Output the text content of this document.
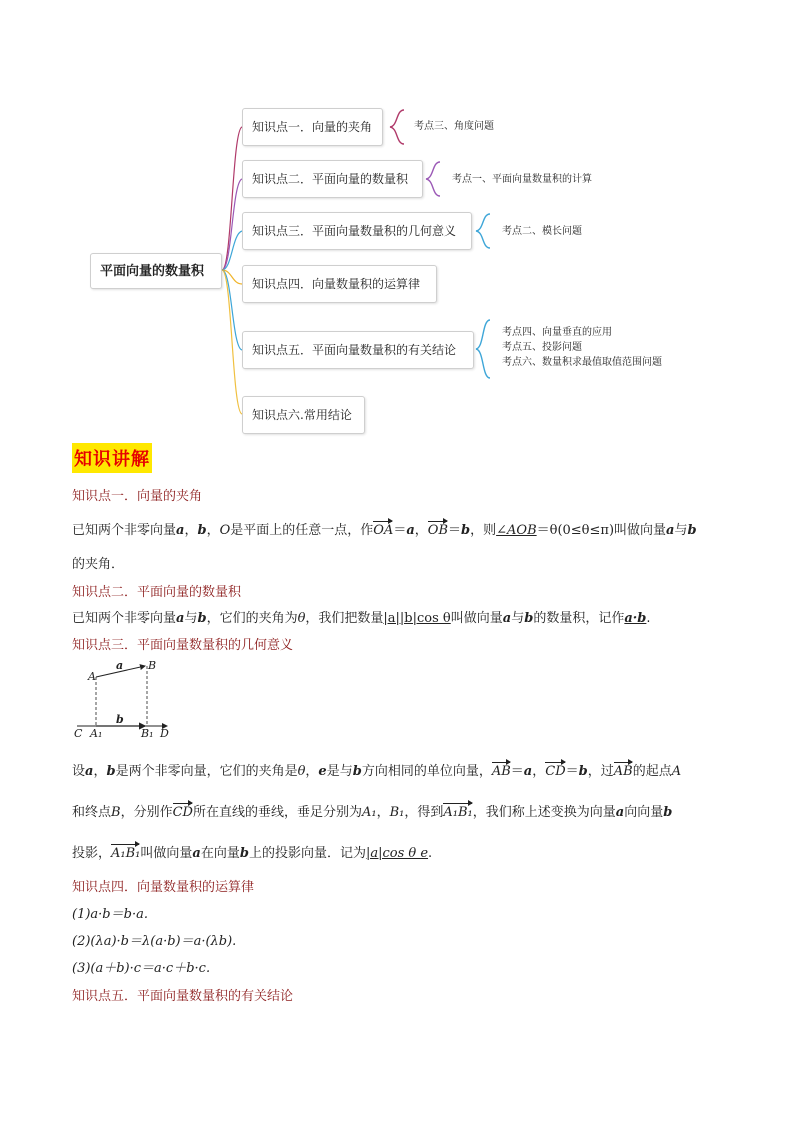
平面向量的数量积
知识点一．向量的夹角
知识点二．平面向量的数量积
知识点三．平面向量数量积的几何意义
知识点四．向量数量积的运算律
知识点五．平面向量数量积的有关结论
知识点六.常用结论
考点三、角度问题
考点一、平面向量数量积的计算
考点二、模长问题
考点四、向量垂直的应用
考点五、投影问题
考点六、数量积求最值取值范围问题
知识讲解
知识点一．向量的夹角
已知两个非零向量a，b，O是平面上的任意一点，作OA＝a，OB＝b，则∠AOB＝θ(0≤θ≤π)叫做向量a与b
的夹角．
知识点二．平面向量的数量积
已知两个非零向量a与b，它们的夹角为θ，我们把数量|a||b|cos θ叫做向量a与b的数量积，记作a·b.
知识点三．平面向量数量积的几何意义
A
B
a
b
C A₁	B₁ D
设a，b是两个非零向量，它们的夹角是θ，e是与b方向相同的单位向量，AB＝a，CD＝b，过AB的起点A
和终点B，分别作CD所在直线的垂线，垂足分别为A₁，B₁，得到A₁B₁，我们称上述变换为向量a向向量b
投影，A₁B₁叫做向量a在向量b上的投影向量．记为|a|cos θ e.
知识点四．向量数量积的运算律
(1)a·b＝b·a.
(2)(λa)·b＝λ(a·b)＝a·(λb).
(3)(a＋b)·c＝a·c＋b·c.
知识点五．平面向量数量积的有关结论
